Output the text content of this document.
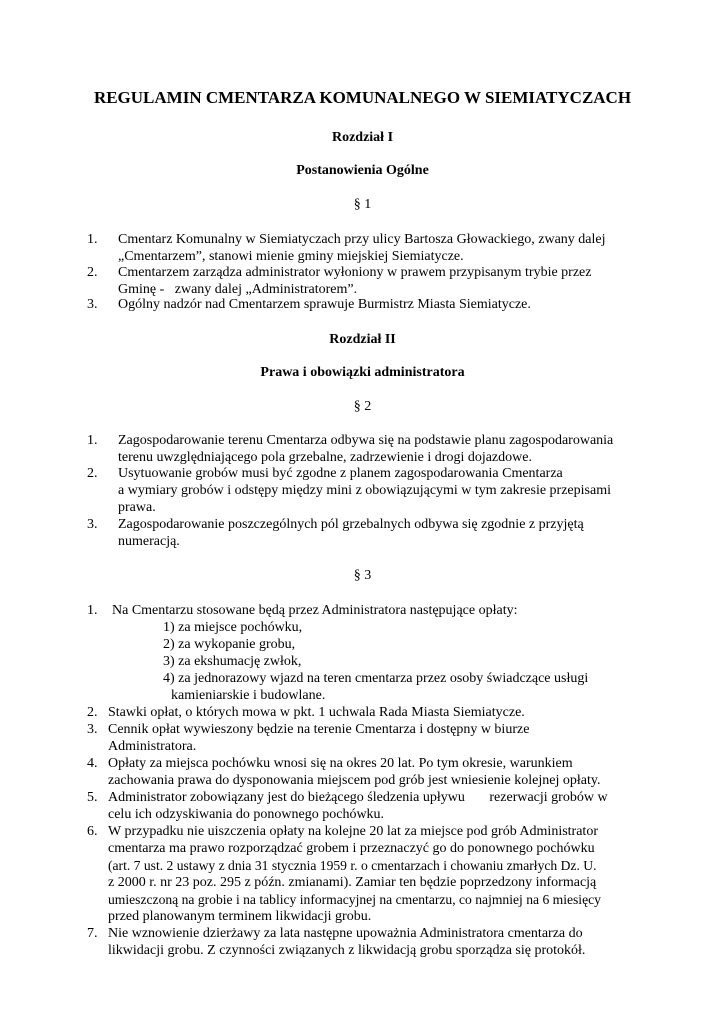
REGULAMIN CMENTARZA KOMUNALNEGO W SIEMIATYCZACH
Rozdział I
Postanowienia Ogólne
§ 1
1. Cmentarz Komunalny w Siemiatyczach przy ulicy Bartosza Głowackiego, zwany dalej
„Cmentarzem”, stanowi mienie gminy miejskiej Siemiatycze.
2. Cmentarzem zarządza administrator wyłoniony w prawem przypisanym trybie przez
Gminę -   zwany dalej „Administratorem”.
3. Ogólny nadzór nad Cmentarzem sprawuje Burmistrz Miasta Siemiatycze.
Rozdział II
Prawa i obowiązki administratora
§ 2
1. Zagospodarowanie terenu Cmentarza odbywa się na podstawie planu zagospodarowania
terenu uwzględniającego pola grzebalne, zadrzewienie i drogi dojazdowe.
2. Usytuowanie grobów musi być zgodne z planem zagospodarowania Cmentarza
a wymiary grobów i odstępy między mini z obowiązującymi w tym zakresie przepisami
prawa.
3. Zagospodarowanie poszczególnych pól grzebalnych odbywa się zgodnie z przyjętą
numeracją.
§ 3
1. Na Cmentarzu stosowane będą przez Administratora następujące opłaty:
1) za miejsce pochówku,
2) za wykopanie grobu,
3) za ekshumację zwłok,
4) za jednorazowy wjazd na teren cmentarza przez osoby świadczące usługi
kamieniarskie i budowlane.
2. Stawki opłat, o których mowa w pkt. 1 uchwala Rada Miasta Siemiatycze.
3. Cennik opłat wywieszony będzie na terenie Cmentarza i dostępny w biurze
Administratora.
4. Opłaty za miejsca pochówku wnosi się na okres 20 lat. Po tym okresie, warunkiem
zachowania prawa do dysponowania miejscem pod grób jest wniesienie kolejnej opłaty.
5. Administrator zobowiązany jest do bieżącego śledzenia upływu       rezerwacji grobów w
celu ich odzyskiwania do ponownego pochówku.
6. W przypadku nie uiszczenia opłaty na kolejne 20 lat za miejsce pod grób Administrator
cmentarza ma prawo rozporządzać grobem i przeznaczyć go do ponownego pochówku
(art. 7 ust. 2 ustawy z dnia 31 stycznia 1959 r. o cmentarzach i chowaniu zmarłych Dz. U.
z 2000 r. nr 23 poz. 295 z późn. zmianami). Zamiar ten będzie poprzedzony informacją
umieszczoną na grobie i na tablicy informacyjnej na cmentarzu, co najmniej na 6 miesięcy
przed planowanym terminem likwidacji grobu.
7. Nie wznowienie dzierżawy za lata następne upoważnia Administratora cmentarza do
likwidacji grobu. Z czynności związanych z likwidacją grobu sporządza się protokół.
